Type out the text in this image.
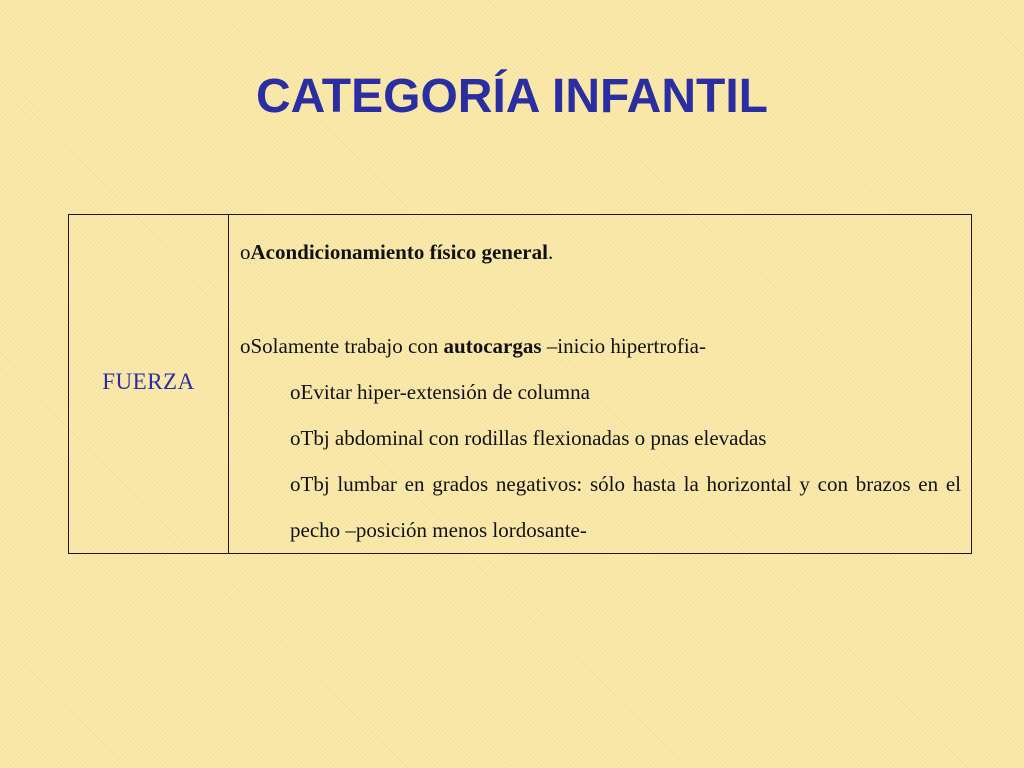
CATEGORÍA INFANTIL
FUERZA	

oAcondicionamiento físico general.

oSolamente trabajo con autocargas –inicio hipertrofia-

oEvitar hiper-extensión de columna

oTbj abdominal con rodillas flexionadas o pnas elevadas

oTbj lumbar en grados negativos: sólo hasta la horizontal y con brazos en el pecho –posición menos lordosante-
